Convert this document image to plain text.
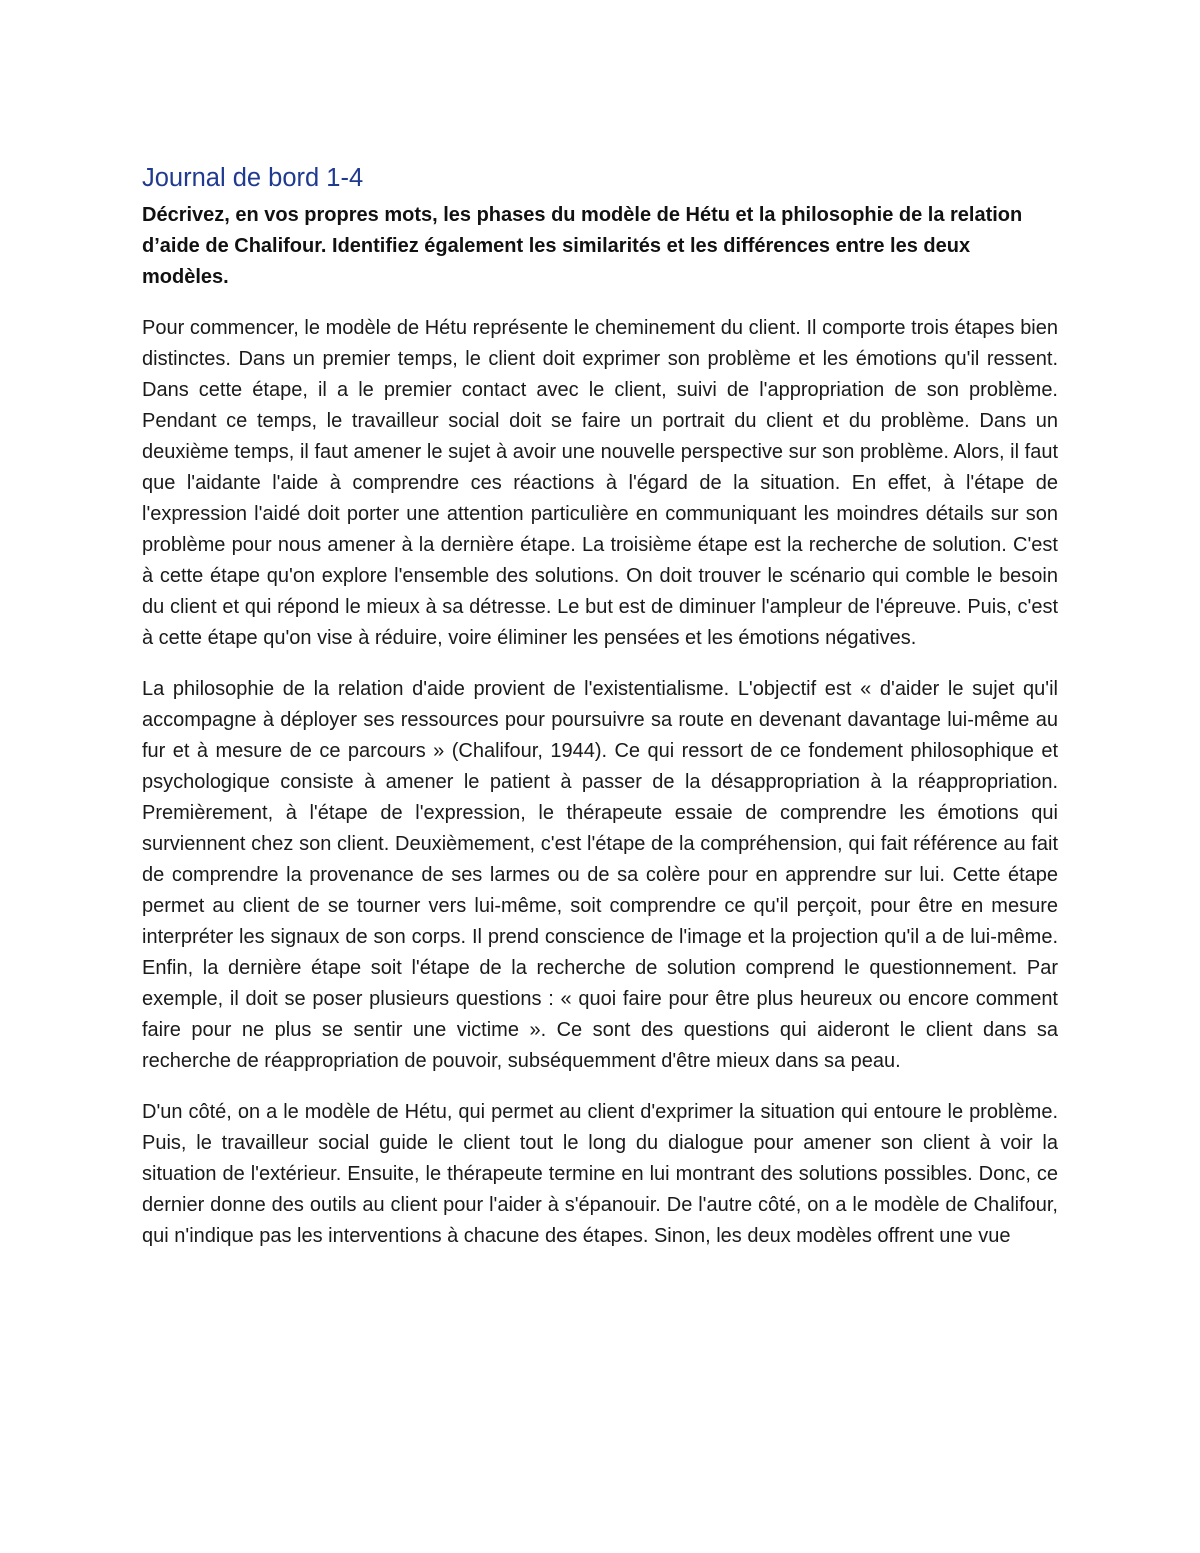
Journal de bord 1-4

Décrivez, en vos propres mots, les phases du modèle de Hétu et la philosophie de la relation d’aide de Chalifour. Identifiez également les similarités et les différences entre les deux modèles.

Pour commencer, le modèle de Hétu représente le cheminement du client. Il comporte trois étapes bien distinctes. Dans un premier temps, le client doit exprimer son problème et les émotions qu'il ressent. Dans cette étape, il a le premier contact avec le client, suivi de l'appropriation de son problème. Pendant ce temps, le travailleur social doit se faire un portrait du client et du problème. Dans un deuxième temps, il faut amener le sujet à avoir une nouvelle perspective sur son problème. Alors, il faut que l'aidante l'aide à comprendre ces réactions à l'égard de la situation. En effet, à l'étape de l'expression l'aidé doit porter une attention particulière en communiquant les moindres détails sur son problème pour nous amener à la dernière étape. La troisième étape est la recherche de solution. C'est à cette étape qu'on explore l'ensemble des solutions. On doit trouver le scénario qui comble le besoin du client et qui répond le mieux à sa détresse. Le but est de diminuer l'ampleur de l'épreuve. Puis, c'est à cette étape qu'on vise à réduire, voire éliminer les pensées et les émotions négatives.

La philosophie de la relation d'aide provient de l'existentialisme. L'objectif est « d'aider le sujet qu'il accompagne à déployer ses ressources pour poursuivre sa route en devenant davantage lui-même au fur et à mesure de ce parcours » (Chalifour, 1944). Ce qui ressort de ce fondement philosophique et psychologique consiste à amener le patient à passer de la désappropriation à la réappropriation. Premièrement, à l'étape de l'expression, le thérapeute essaie de comprendre les émotions qui surviennent chez son client. Deuxièmement, c'est l'étape de la compréhension, qui fait référence au fait de comprendre la provenance de ses larmes ou de sa colère pour en apprendre sur lui. Cette étape permet au client de se tourner vers lui-même, soit comprendre ce qu'il perçoit, pour être en mesure interpréter les signaux de son corps. Il prend conscience de l'image et la projection qu'il a de lui-même. Enfin, la dernière étape soit l'étape de la recherche de solution comprend le questionnement. Par exemple, il doit se poser plusieurs questions : « quoi faire pour être plus heureux ou encore comment faire pour ne plus se sentir une victime ». Ce sont des questions qui aideront le client dans sa recherche de réappropriation de pouvoir, subséquemment d'être mieux dans sa peau.

D'un côté, on a le modèle de Hétu, qui permet au client d'exprimer la situation qui entoure le problème. Puis, le travailleur social guide le client tout le long du dialogue pour amener son client à voir la situation de l'extérieur. Ensuite, le thérapeute termine en lui montrant des solutions possibles. Donc, ce dernier donne des outils au client pour l'aider à s'épanouir. De l'autre côté, on a le modèle de Chalifour, qui n'indique pas les interventions à chacune des étapes. Sinon, les deux modèles offrent une vue
